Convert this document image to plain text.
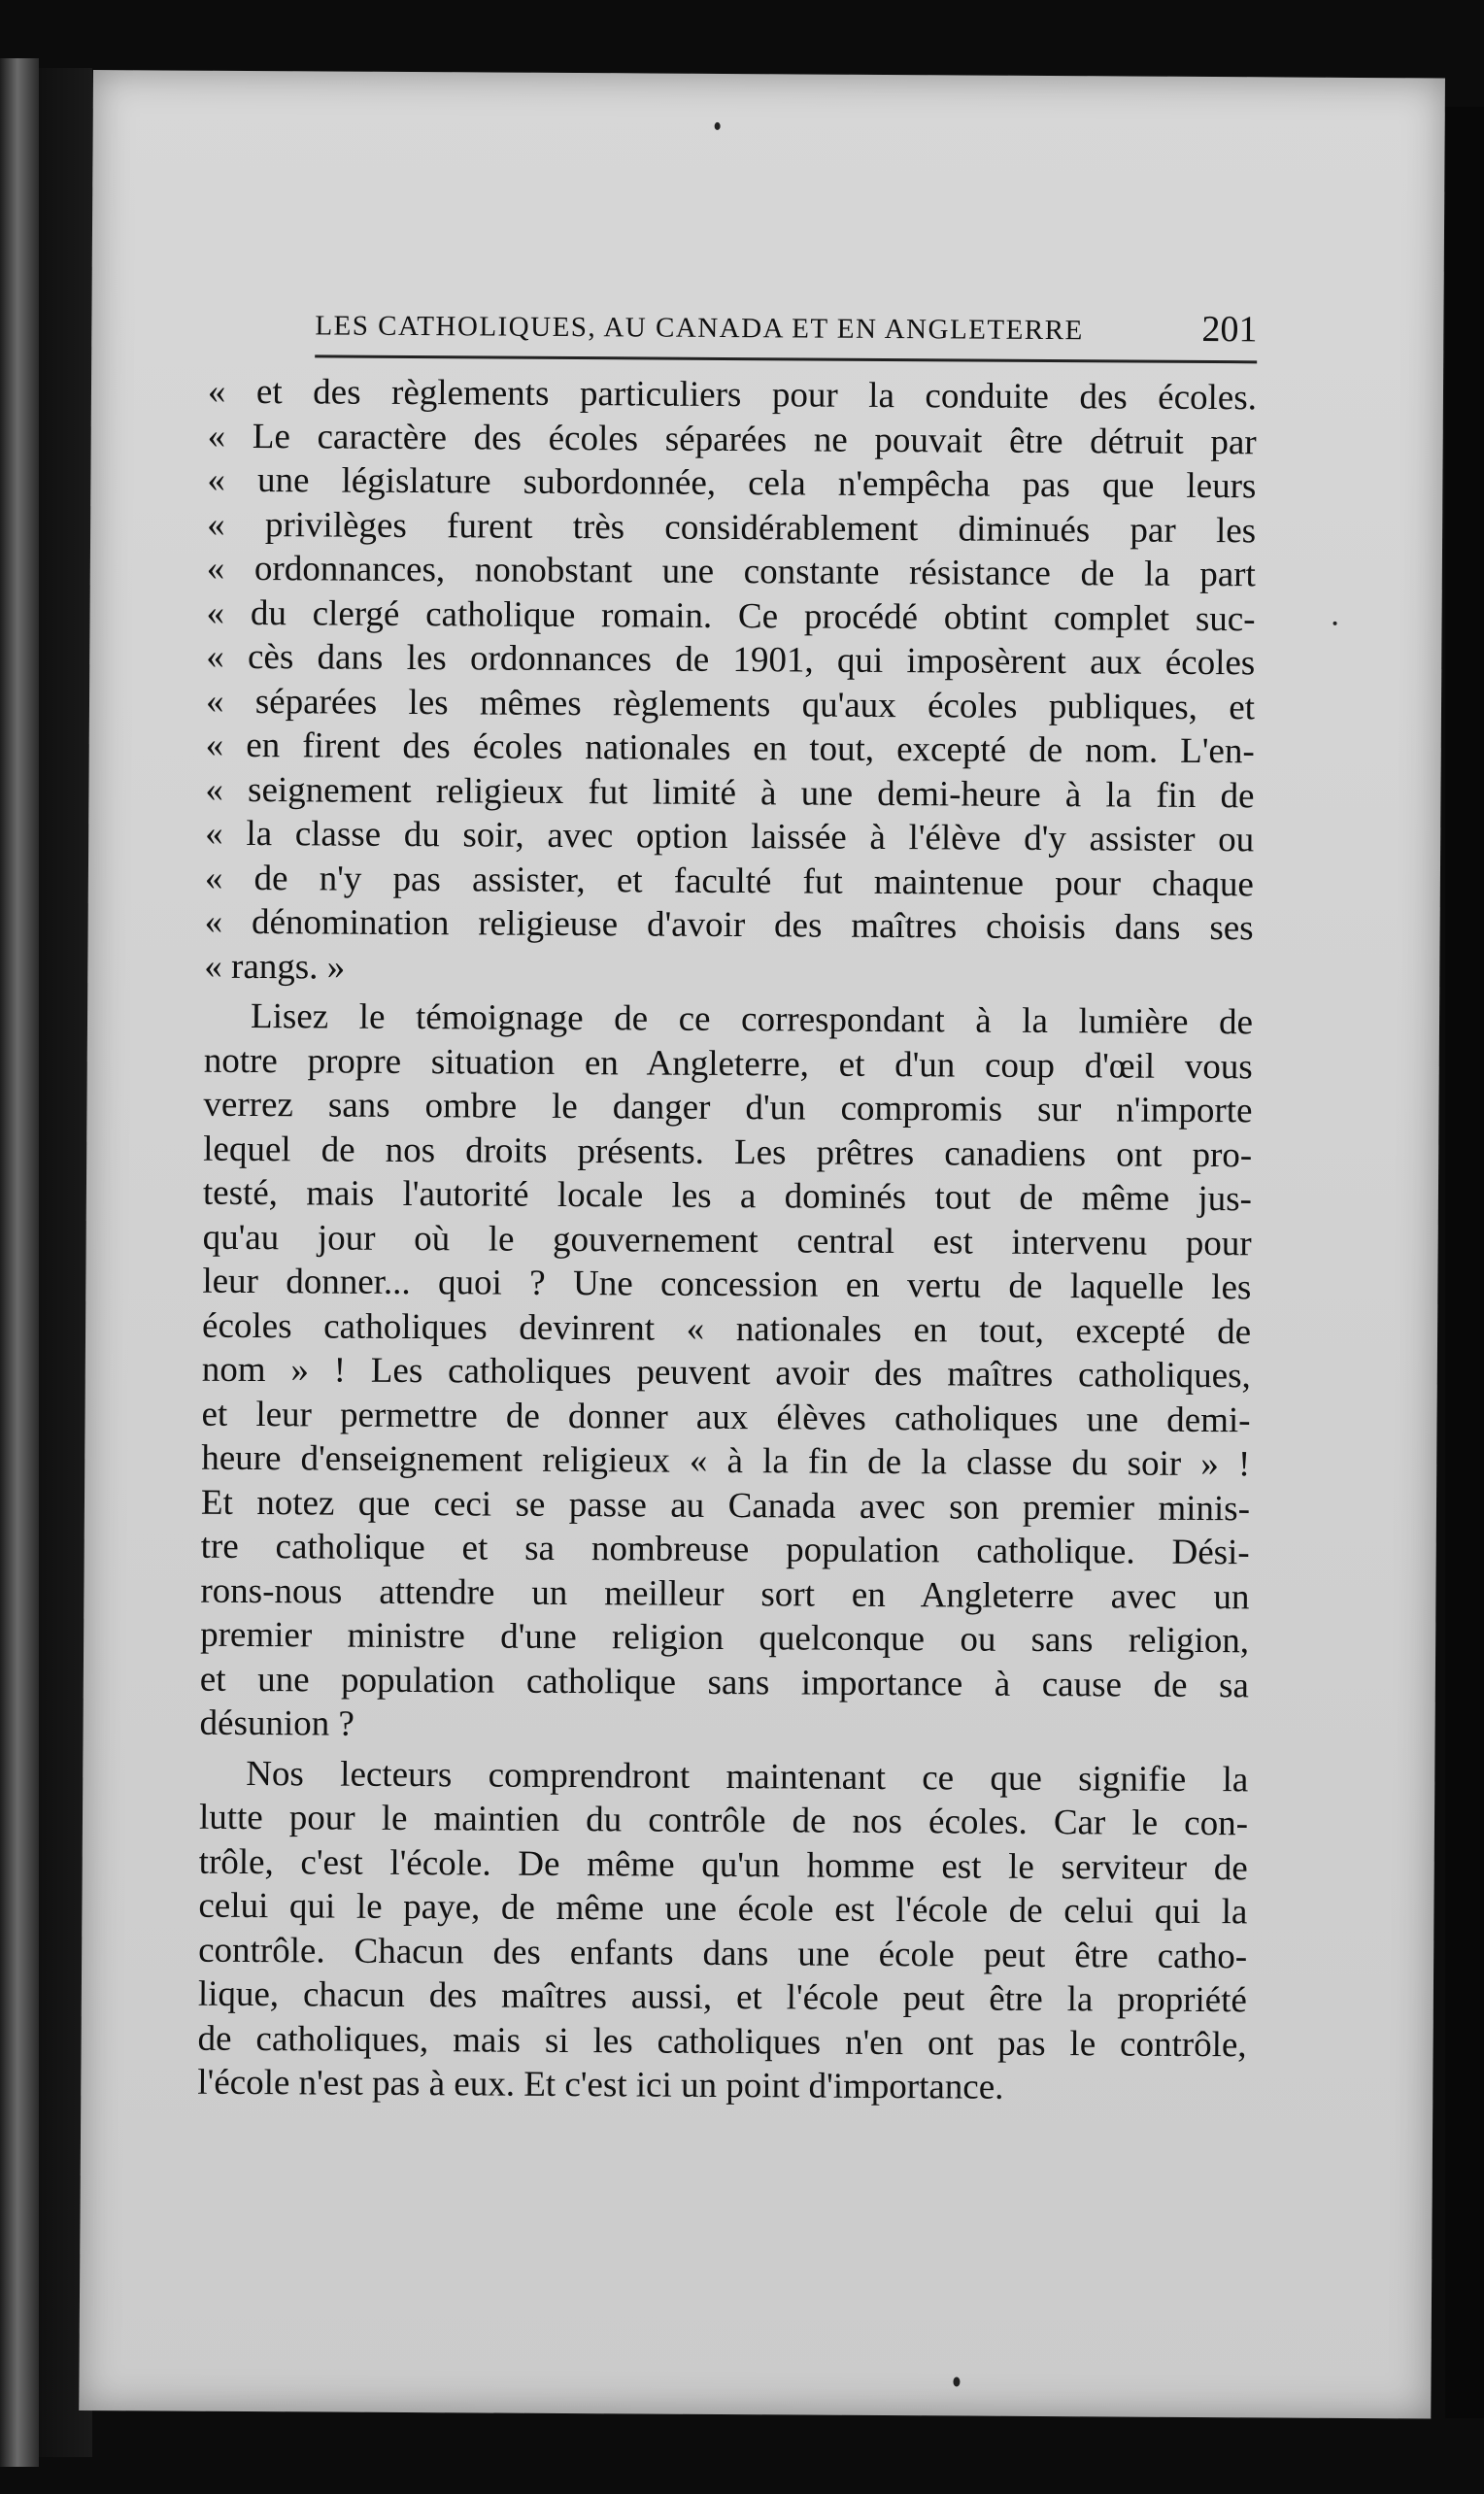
LES CATHOLIQUES, AU CANADA ET EN ANGLETERRE	201
« et des règlements particuliers pour la conduite des écoles.
« Le caractère des écoles séparées ne pouvait être détruit par
« une législature subordonnée, cela n'empêcha pas que leurs
« privilèges furent très considérablement diminués par les
« ordonnances, nonobstant une constante résistance de la part
« du clergé catholique romain. Ce procédé obtint complet suc-
« cès dans les ordonnances de 1901, qui imposèrent aux écoles
« séparées les mêmes règlements qu'aux écoles publiques, et
« en firent des écoles nationales en tout, excepté de nom. L'en-
« seignement religieux fut limité à une demi-heure à la fin de
« la classe du soir, avec option laissée à l'élève d'y assister ou
« de n'y pas assister, et faculté fut maintenue pour chaque
« dénomination religieuse d'avoir des maîtres choisis dans ses
« rangs. »
Lisez le témoignage de ce correspondant à la lumière de
notre propre situation en Angleterre, et d'un coup d'œil vous
verrez sans ombre le danger d'un compromis sur n'importe
lequel de nos droits présents. Les prêtres canadiens ont pro-
testé, mais l'autorité locale les a dominés tout de même jus-
qu'au jour où le gouvernement central est intervenu pour
leur donner... quoi ? Une concession en vertu de laquelle les
écoles catholiques devinrent « nationales en tout, excepté de
nom » ! Les catholiques peuvent avoir des maîtres catholiques,
et leur permettre de donner aux élèves catholiques une demi-
heure d'enseignement religieux « à la fin de la classe du soir » !
Et notez que ceci se passe au Canada avec son premier minis-
tre catholique et sa nombreuse population catholique. Dési-
rons-nous attendre un meilleur sort en Angleterre avec un
premier ministre d'une religion quelconque ou sans religion,
et une population catholique sans importance à cause de sa
désunion ?
Nos lecteurs comprendront maintenant ce que signifie la
lutte pour le maintien du contrôle de nos écoles. Car le con-
trôle, c'est l'école. De même qu'un homme est le serviteur de
celui qui le paye, de même une école est l'école de celui qui la
contrôle. Chacun des enfants dans une école peut être catho-
lique, chacun des maîtres aussi, et l'école peut être la propriété
de catholiques, mais si les catholiques n'en ont pas le contrôle,
l'école n'est pas à eux. Et c'est ici un point d'importance.
